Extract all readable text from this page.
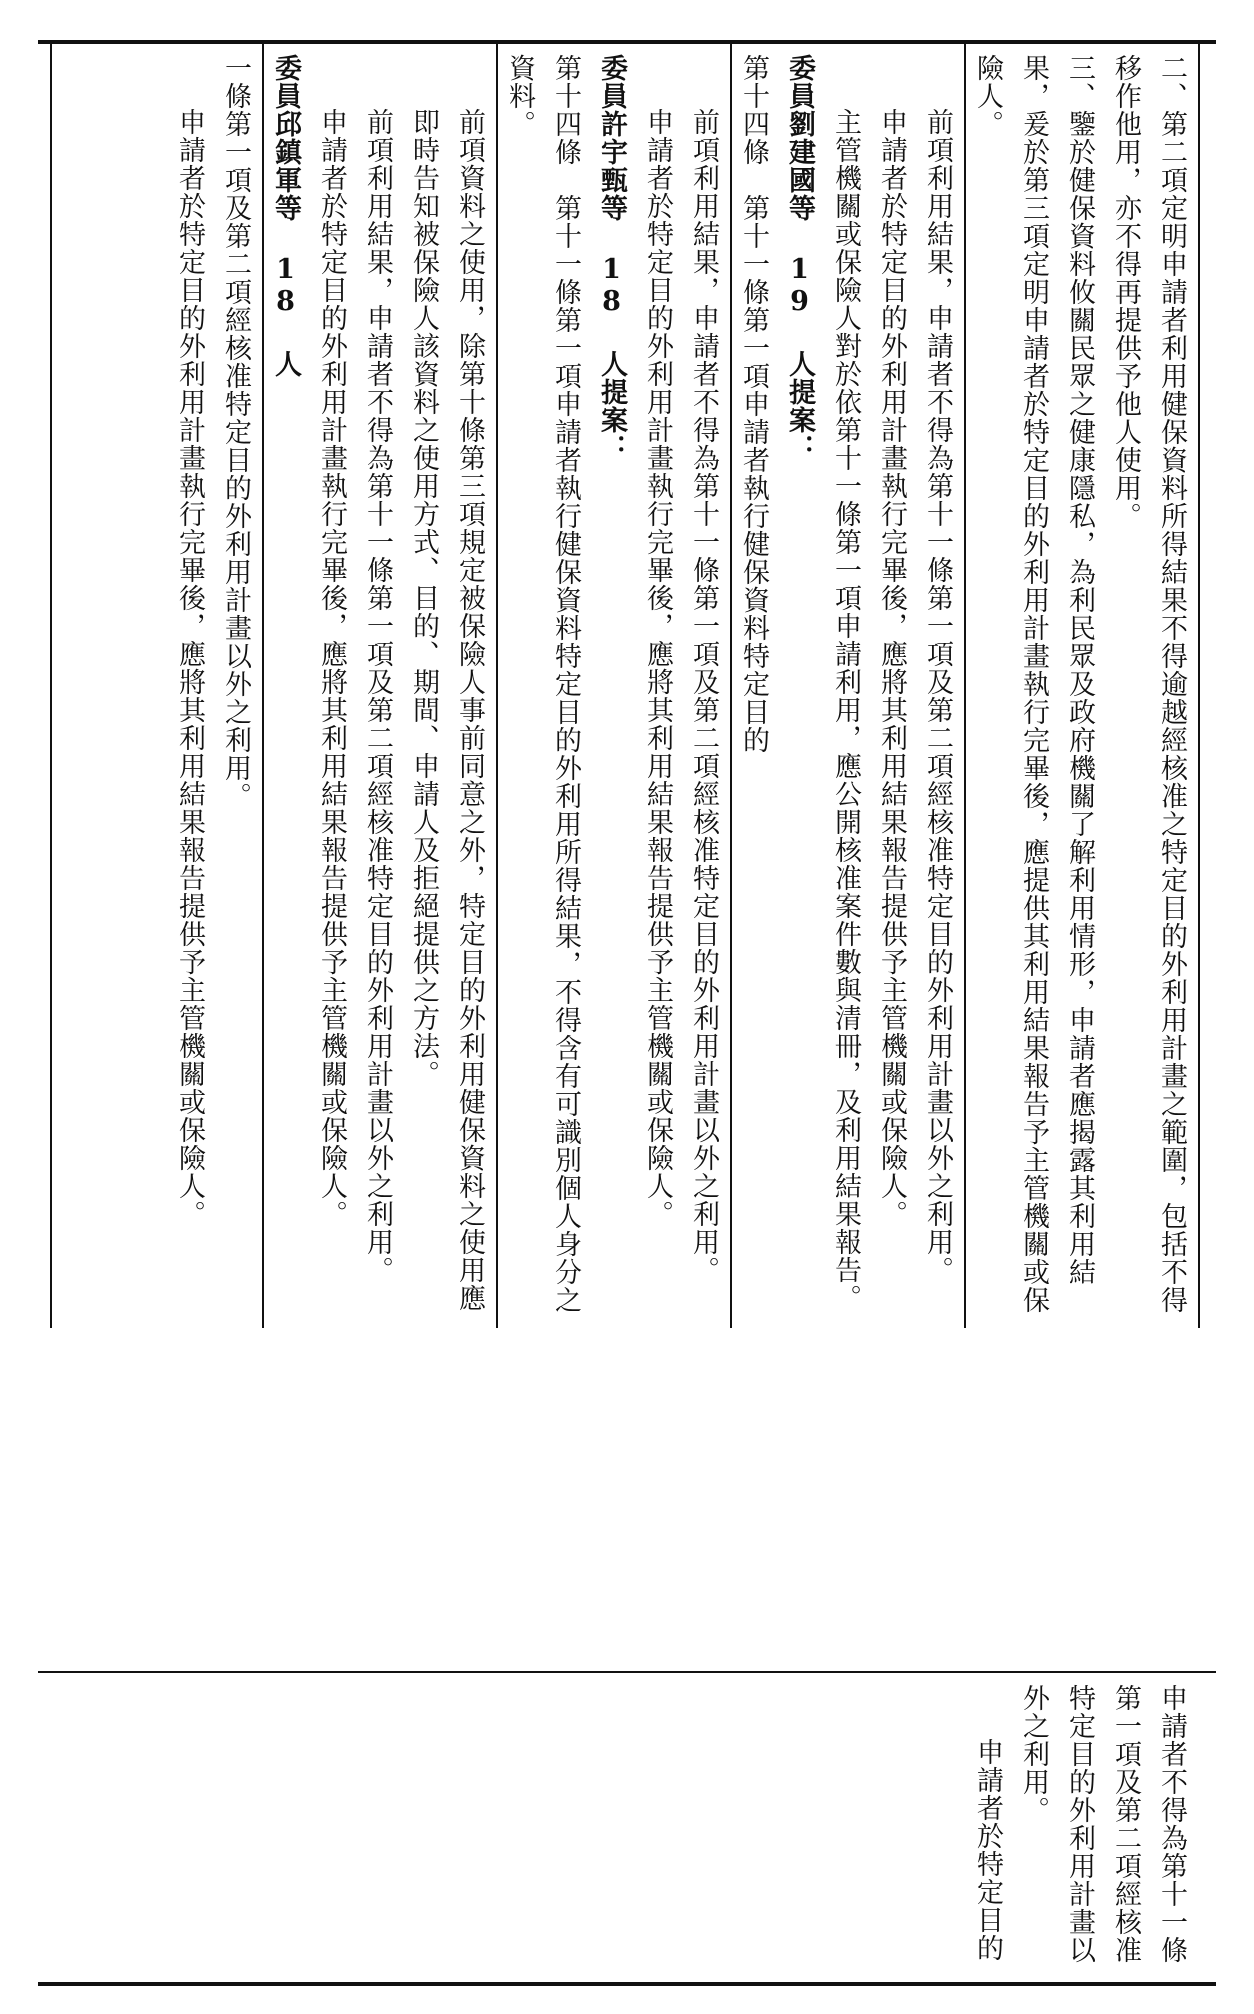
二、第二項定明申請者利用健保資料所得結果不得逾越經核准之特定目的外利用計畫之範圍，包括不得移作他用，亦不得再提供予他人使用。

三、鑒於健保資料攸關民眾之健康隱私，為利民眾及政府機關了解利用情形，申請者應揭露其利用結果，爰於第三項定明申請者於特定目的外利用計畫執行完畢後，應提供其利用結果報告予主管機關或保險人。

前項利用結果，申請者不得為第十一條第一項及第二項經核准特定目的外利用計畫以外之利用。

申請者於特定目的外利用計畫執行完畢後，應將其利用結果報告提供予主管機關或保險人。

主管機關或保險人對於依第十一條第一項申請利用，應公開核准案件數與清冊，及利用結果報告。

委員劉建國等 19 人提案：

第十四條　第十一條第一項申請者執行健保資料特定目的

前項利用結果，申請者不得為第十一條第一項及第二項經核准特定目的外利用計畫以外之利用。

申請者於特定目的外利用計畫執行完畢後，應將其利用結果報告提供予主管機關或保險人。

委員許宇甄等 18 人提案：

第十四條　第十一條第一項申請者執行健保資料特定目的外利用所得結果，不得含有可識別個人身分之資料。

前項資料之使用，除第十條第三項規定被保險人事前同意之外，特定目的外利用健保資料之使用應即時告知被保險人該資料之使用方式、目的、期間、申請人及拒絕提供之方法。

前項利用結果，申請者不得為第十一條第一項及第二項經核准特定目的外利用計畫以外之利用。

申請者於特定目的外利用計畫執行完畢後，應將其利用結果報告提供予主管機關或保險人。

委員邱鎮軍等 18 人

一條第一項及第二項經核准特定目的外利用計畫以外之利用。

申請者於特定目的外利用計畫執行完畢後，應將其利用結果報告提供予主管機關或保險人。

申請者不得為第十一條第一項及第二項經核准特定目的外利用計畫以外之利用。

申請者於特定目的
